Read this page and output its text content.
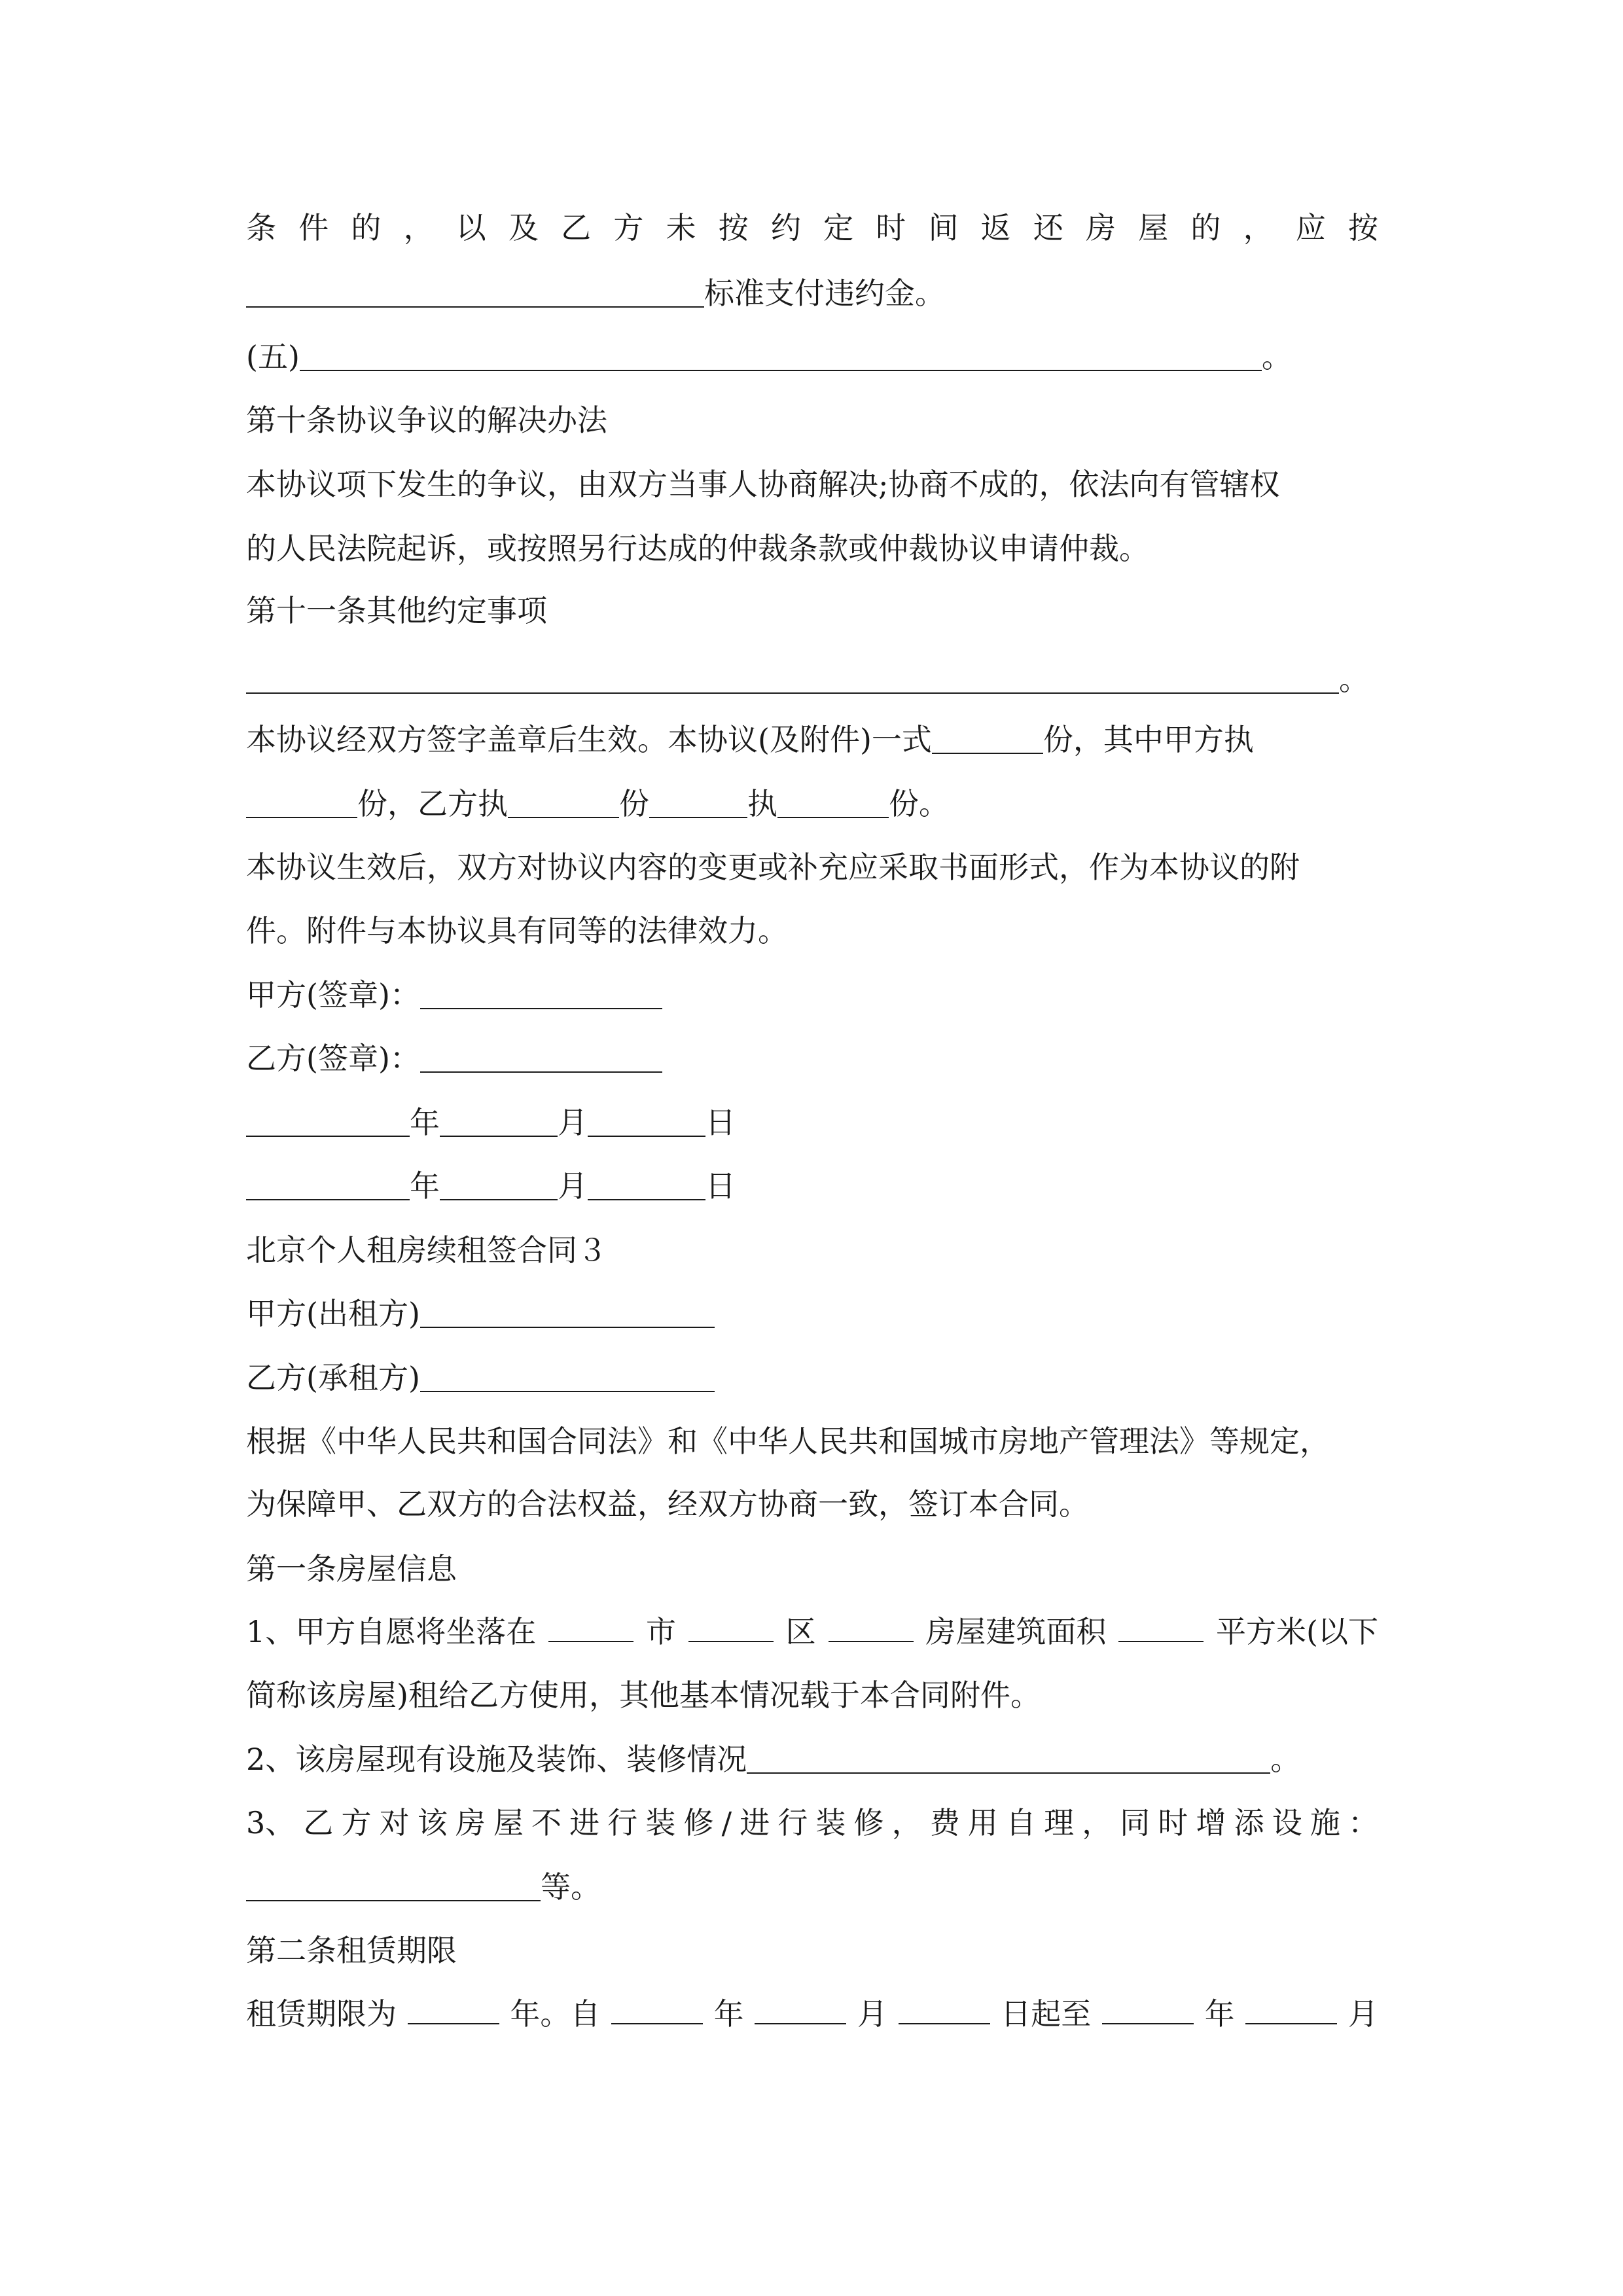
条 件 的 ， 以 及 乙 方 未 按 约 定 时 间 返 还 房 屋 的 ， 应 按
标准支付违约金。
(五)	。
第十条协议争议的解决办法
本协议项下发生的争议，由双方当事人协商解决;协商不成的，依法向有管辖权
的人民法院起诉，或按照另行达成的仲裁条款或仲裁协议申请仲裁。
第十一条其他约定事项
。
本协议经双方签字盖章后生效。本协议(及附件)一式	份，其中甲方执
份，乙方执	份	执	份。
本协议生效后，双方对协议内容的变更或补充应采取书面形式，作为本协议的附
件。附件与本协议具有同等的法律效力。
甲方(签章)：
乙方(签章)：
年	月	日
年	月	日
北京个人租房续租签合同３
甲方(出租方)
乙方(承租方)
根据《中华人民共和国合同法》和《中华人民共和国城市房地产管理法》等规定，
为保障甲、乙双方的合法权益，经双方协商一致，签订本合同。
第一条房屋信息
1、甲方自愿将坐落在	市	区	房屋建筑面积	平方米(以下
简称该房屋)租给乙方使用，其他基本情况载于本合同附件。
2、该房屋现有设施及装饰、装修情况	。
3、 乙 方 对 该 房 屋 不 进 行 装 修 / 进 行 装 修 ， 费 用 自 理 ， 同 时 增 添 设 施 ：
等。
第二条租赁期限
租赁期限为	年。自	年	月	日起至	年	月
